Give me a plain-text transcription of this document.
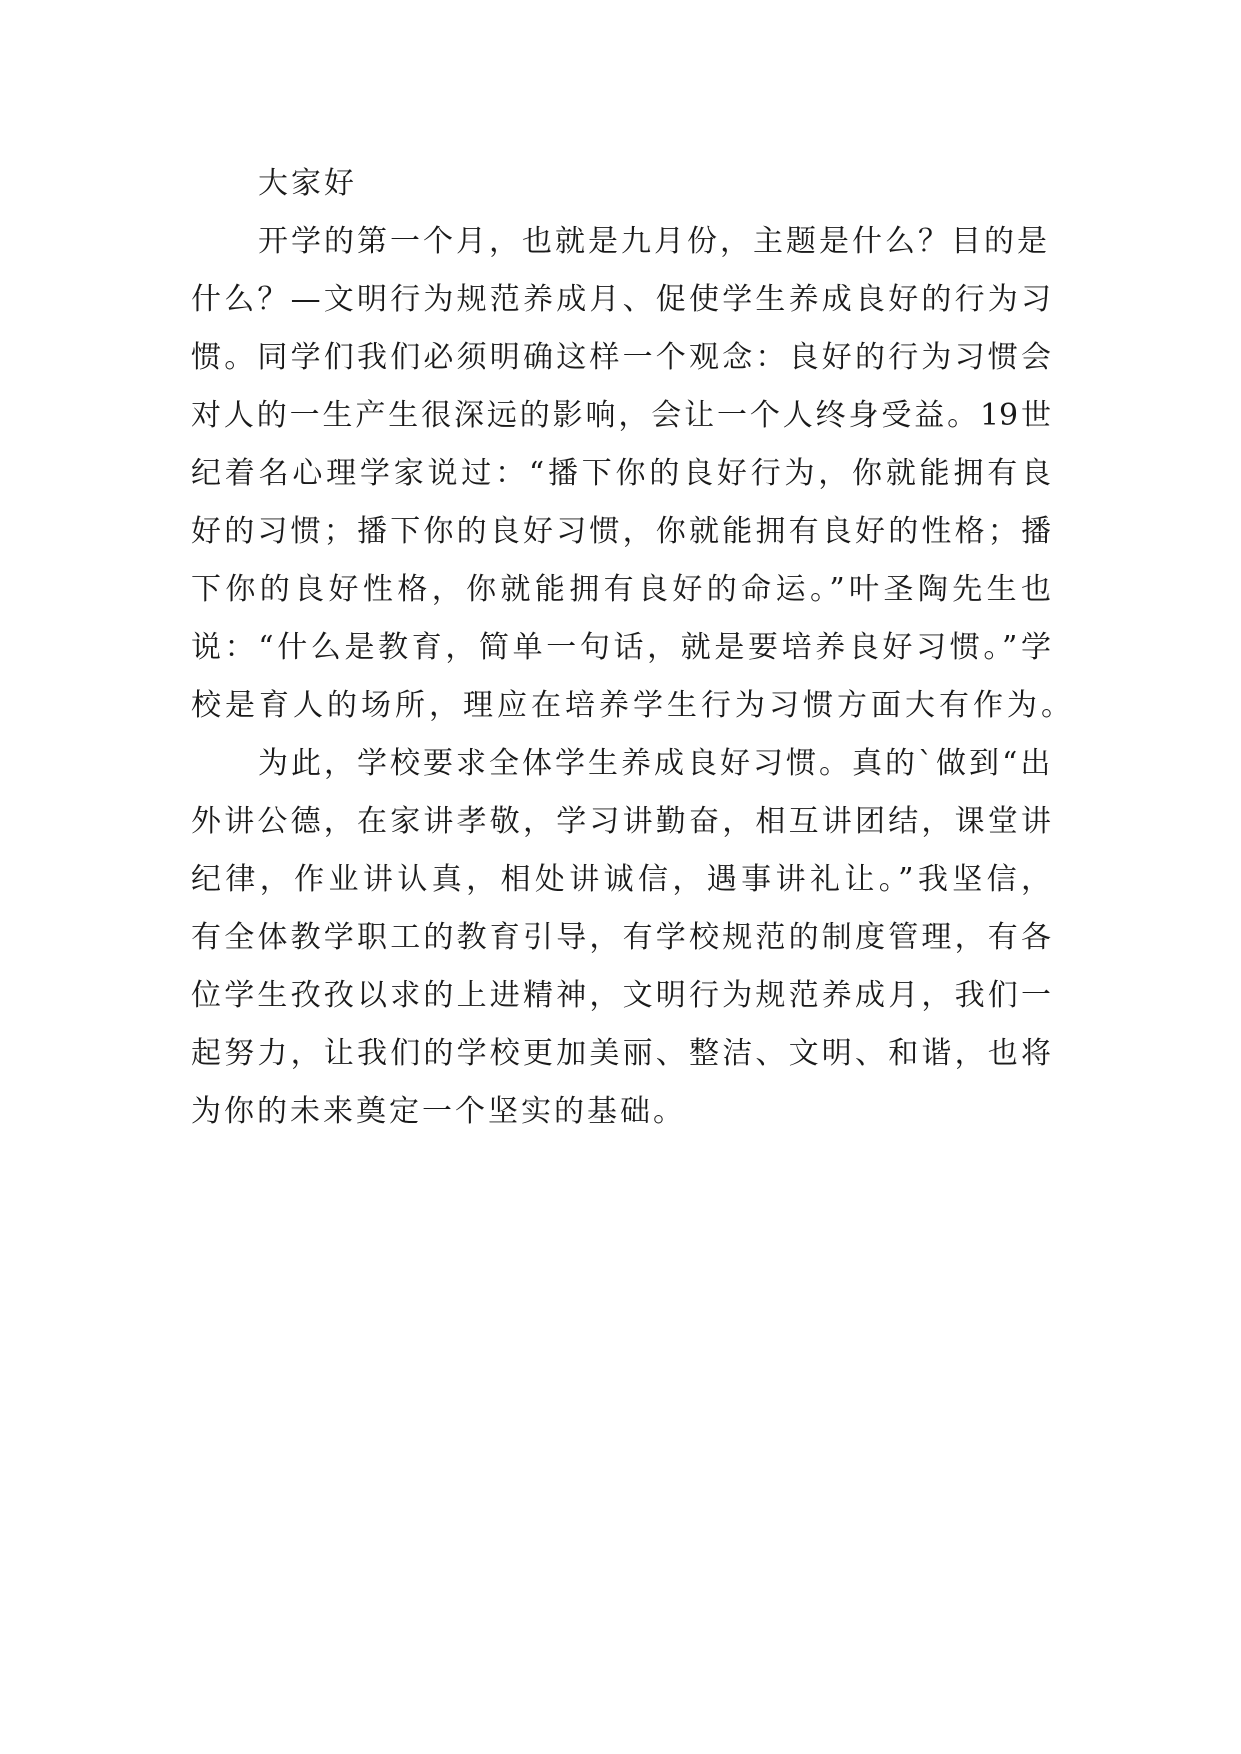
大家好
开学的第一个月，也就是九月份，主题是什么？目的是
什么？—文明行为规范养成月、促使学生养成良好的行为习
惯。同学们我们必须明确这样一个观念：良好的行为习惯会
对人的一生产生很深远的影响，会让一个人终身受益。19世
纪着名心理学家说过：“播下你的良好行为，你就能拥有良
好的习惯；播下你的良好习惯，你就能拥有良好的性格；播
下你的良好性格，你就能拥有良好的命运。”叶圣陶先生也
说：“什么是教育，简单一句话，就是要培养良好习惯。”学
校是育人的场所，理应在培养学生行为习惯方面大有作为。
为此，学校要求全体学生养成良好习惯。真的`做到“出
外讲公德，在家讲孝敬，学习讲勤奋，相互讲团结，课堂讲
纪律，作业讲认真，相处讲诚信，遇事讲礼让。”我坚信，
有全体教学职工的教育引导，有学校规范的制度管理，有各
位学生孜孜以求的上进精神，文明行为规范养成月，我们一
起努力，让我们的学校更加美丽、整洁、文明、和谐，也将
为你的未来奠定一个坚实的基础。
